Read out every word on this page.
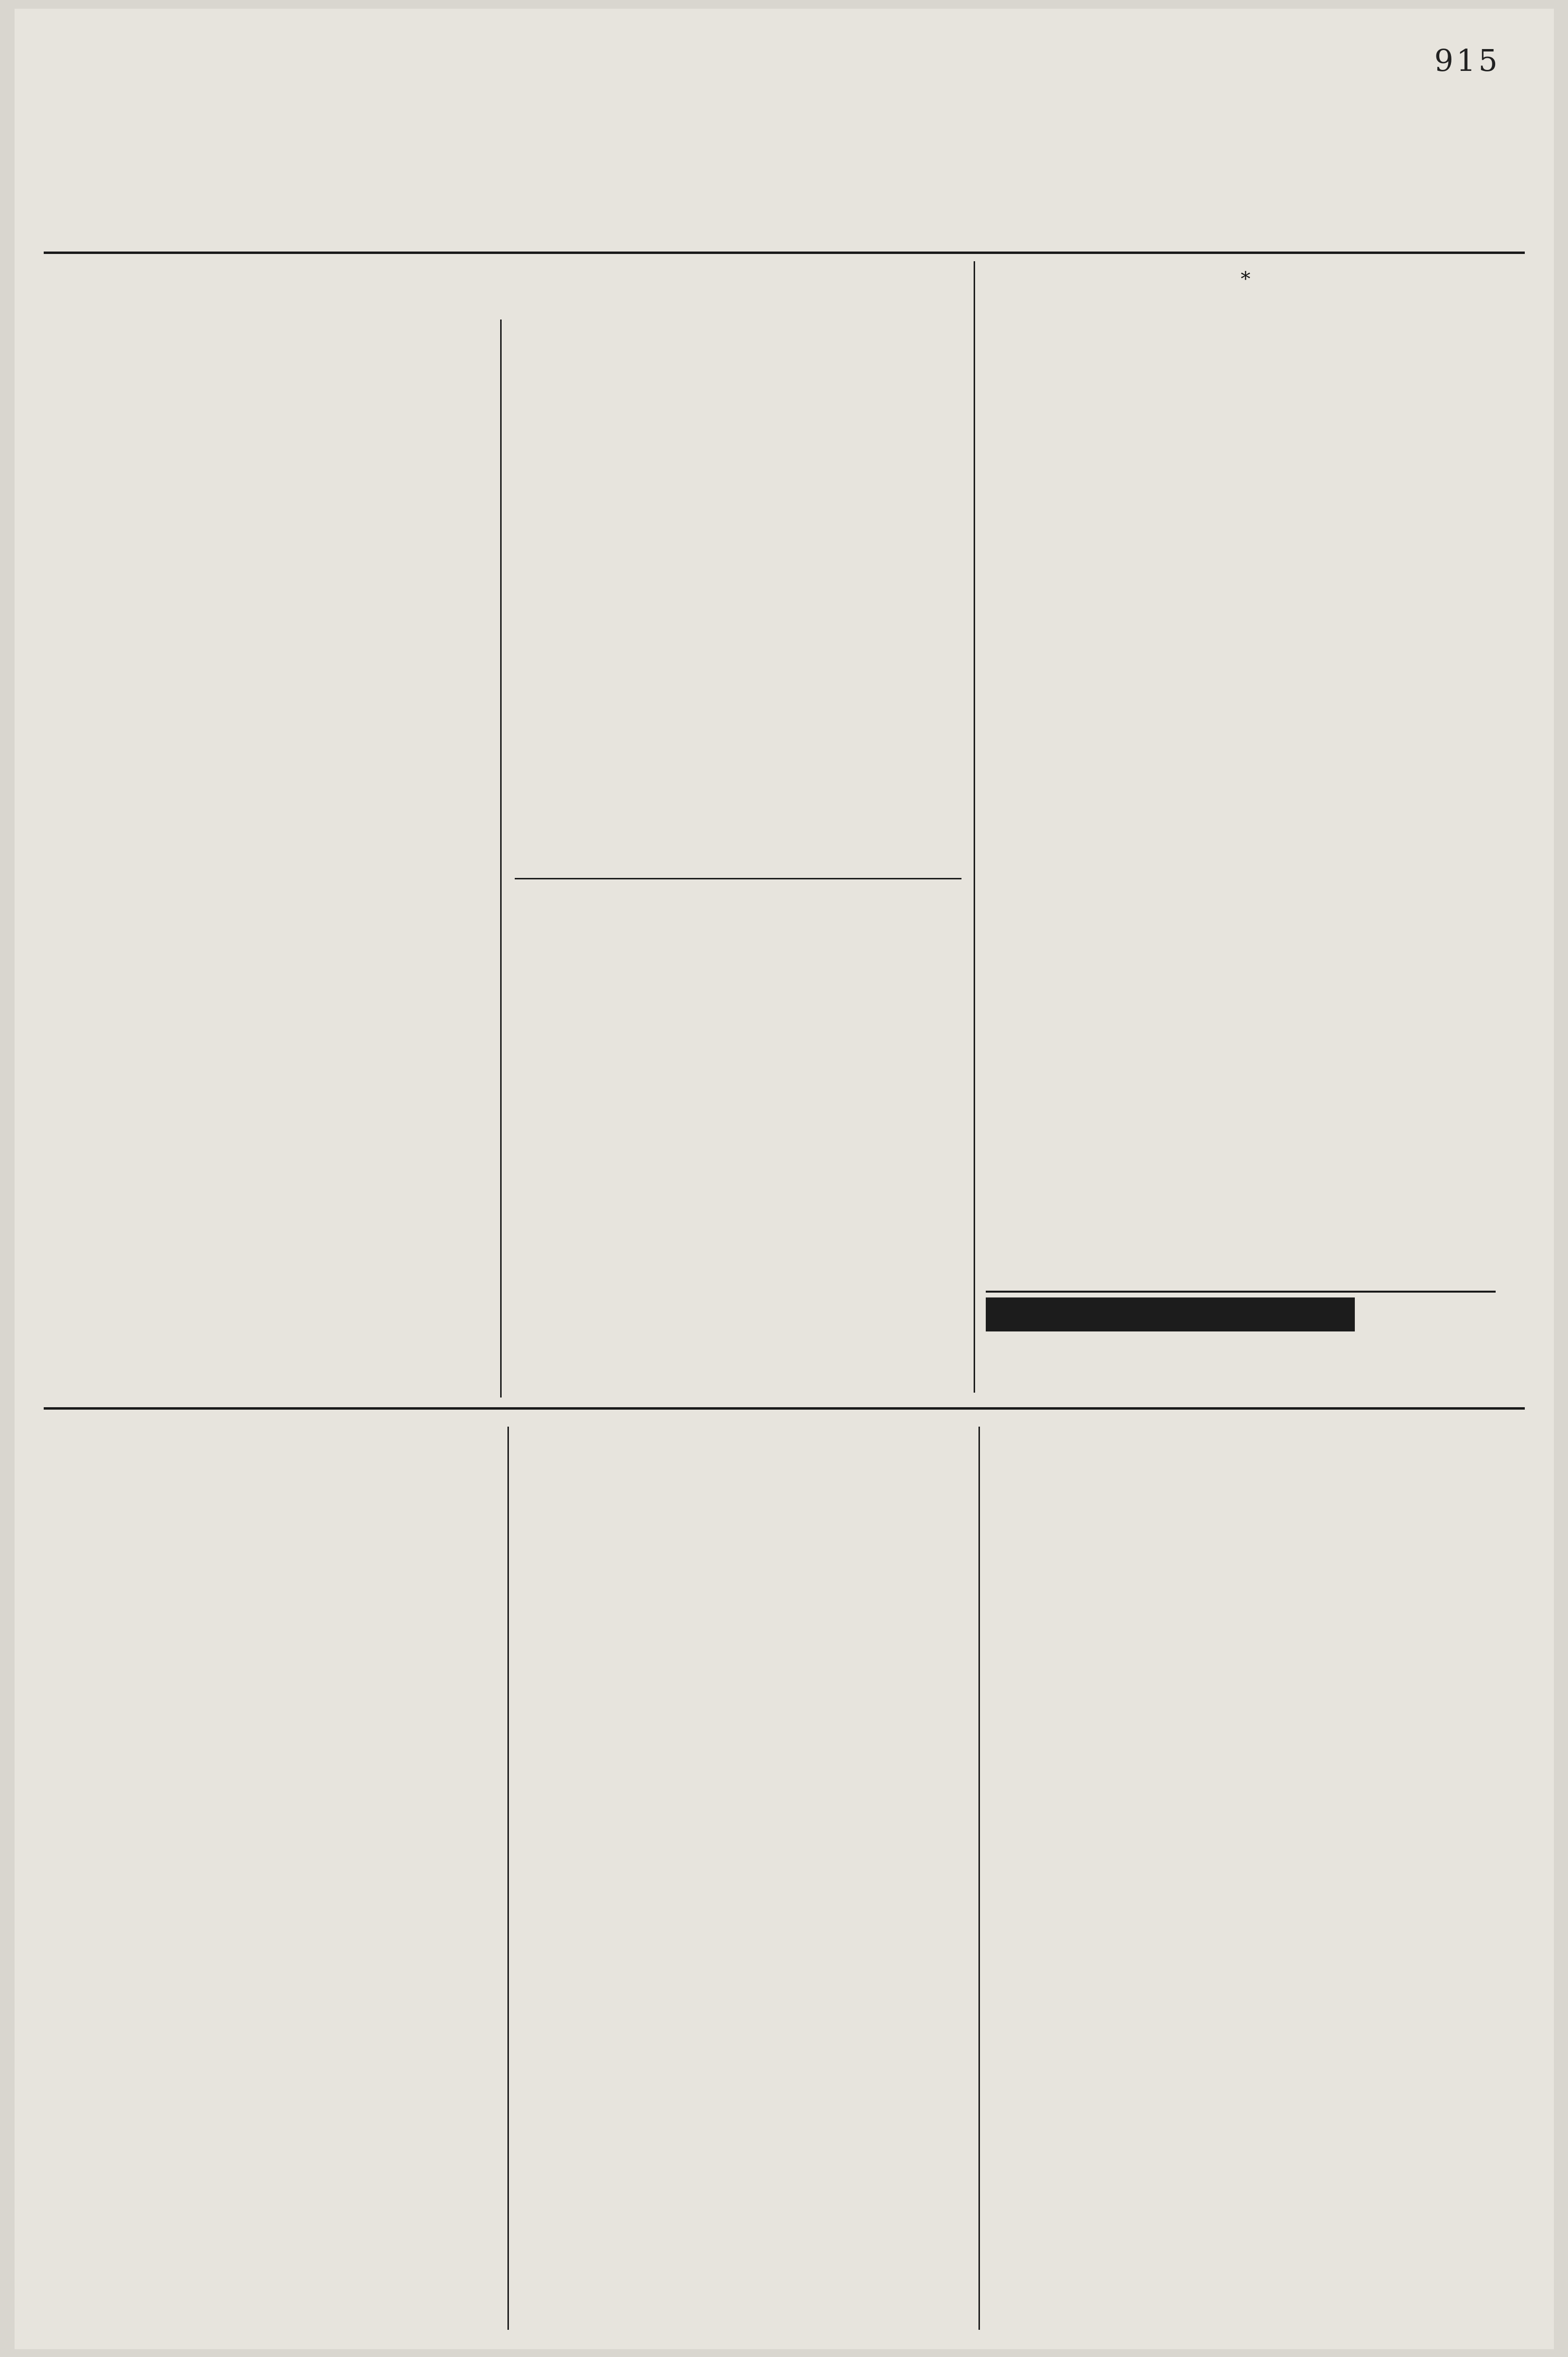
915
*
